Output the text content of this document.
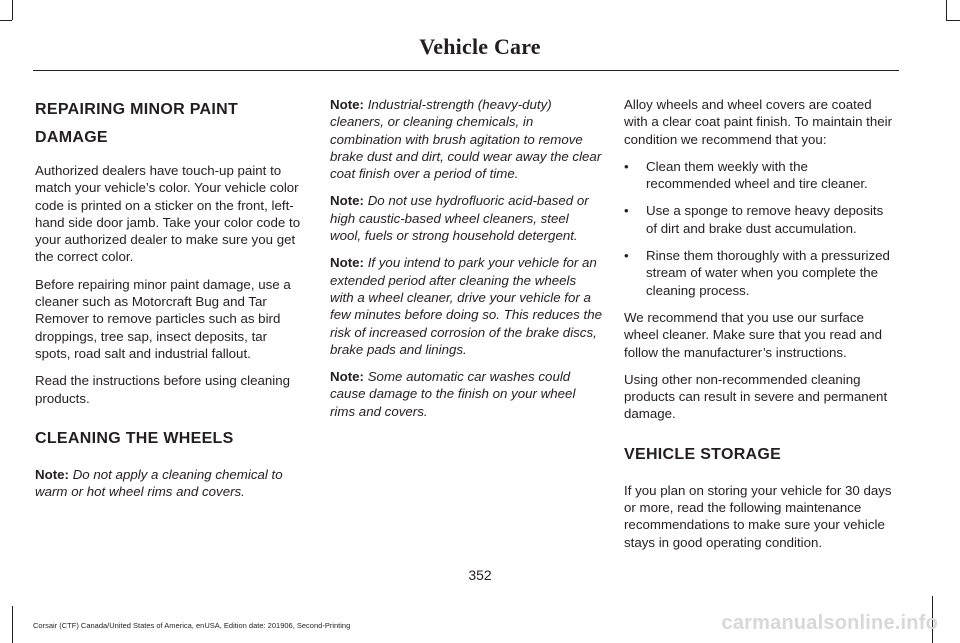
Vehicle Care
REPAIRING MINOR PAINT
DAMAGE

Authorized dealers have touch-up paint to match your vehicle’s color. Your vehicle color code is printed on a sticker on the front, left-hand side door jamb. Take your color code to your authorized dealer to make sure you get the correct color.

Before repairing minor paint damage, use a cleaner such as Motorcraft Bug and Tar Remover to remove particles such as bird droppings, tree sap, insect deposits, tar spots, road salt and industrial fallout.

Read the instructions before using cleaning products.

CLEANING THE WHEELS

Note: Do not apply a cleaning chemical to warm or hot wheel rims and covers.

Note: Industrial-strength (heavy-duty) cleaners, or cleaning chemicals, in combination with brush agitation to remove brake dust and dirt, could wear away the clear coat finish over a period of time.

Note: Do not use hydrofluoric acid-based or high caustic-based wheel cleaners, steel wool, fuels or strong household detergent.

Note: If you intend to park your vehicle for an extended period after cleaning the wheels with a wheel cleaner, drive your vehicle for a few minutes before doing so. This reduces the risk of increased corrosion of the brake discs, brake pads and linings.

Note: Some automatic car washes could cause damage to the finish on your wheel rims and covers.

Alloy wheels and wheel covers are coated with a clear coat paint finish. To maintain their condition we recommend that you:

• Clean them weekly with the recommended wheel and tire cleaner.
• Use a sponge to remove heavy deposits of dirt and brake dust accumulation.
• Rinse them thoroughly with a pressurized stream of water when you complete the cleaning process.

We recommend that you use our surface wheel cleaner. Make sure that you read and follow the manufacturer’s instructions.

Using other non-recommended cleaning products can result in severe and permanent damage.

VEHICLE STORAGE

If you plan on storing your vehicle for 30 days or more, read the following maintenance recommendations to make sure your vehicle stays in good operating condition.

352
Corsair (CTF) Canada/United States of America, enUSA, Edition date: 201906, Second-Printing	carmanualsonline.info
